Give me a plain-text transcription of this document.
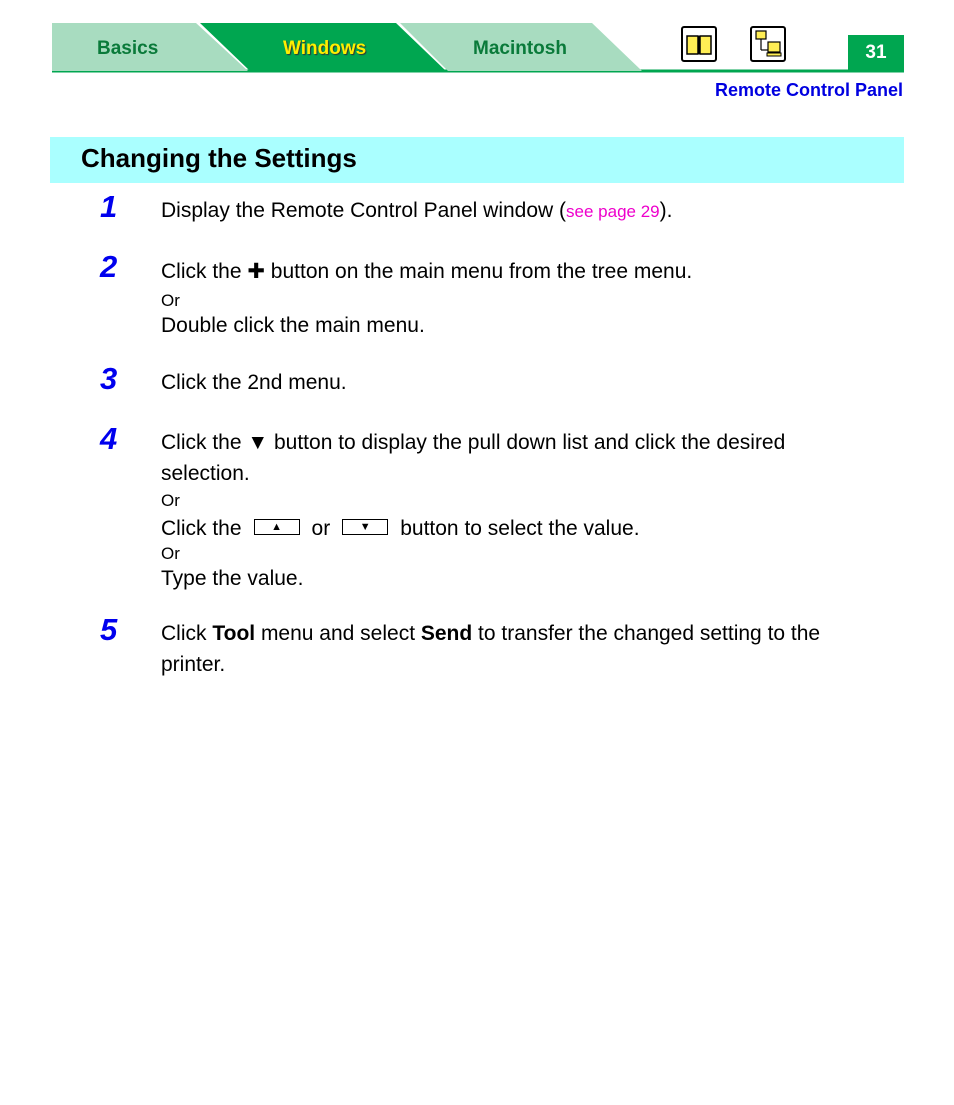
Basics	Windows	Macintosh	31
Remote Control Panel
Changing the Settings
1 Display the Remote Control Panel window (see page 29).
2 Click the ✚ button on the main menu from the tree menu.
Or
Double click the main menu.
3 Click the 2nd menu.
4 Click the ▼ button to display the pull down list and click the desired
selection.
Or
Click the	▲ or	▼ button to select the value.
Or
Type the value.
5 Click Tool menu and select Send to transfer the changed setting to the
printer.
